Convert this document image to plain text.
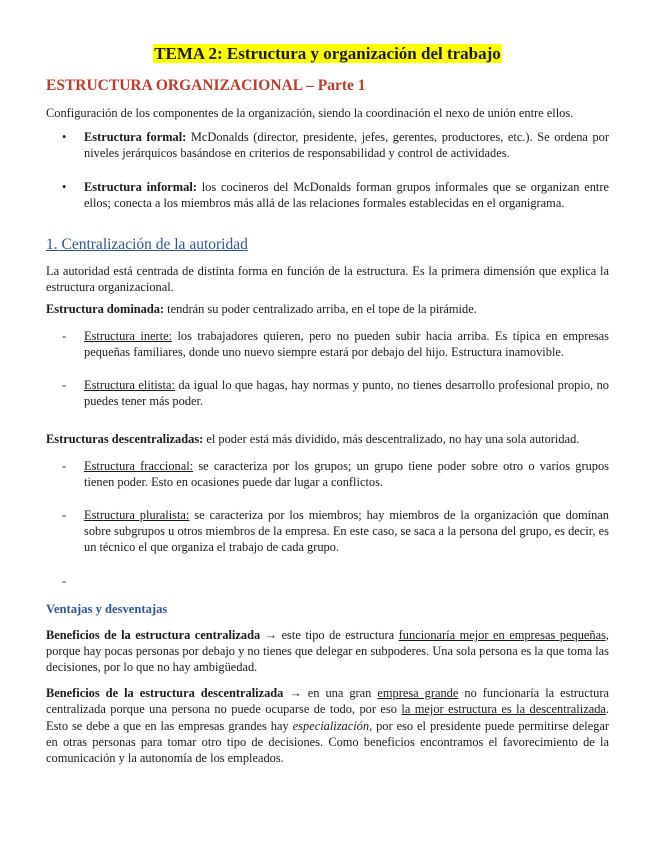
TEMA 2: Estructura y organización del trabajo
ESTRUCTURA ORGANIZACIONAL – Parte 1

Configuración de los componentes de la organización, siendo la coordinación el nexo de unión entre ellos.

• Estructura formal: McDonalds (director, presidente, jefes, gerentes, productores, etc.). Se ordena por niveles jerárquicos basándose en criterios de responsabilidad y control de actividades.
• Estructura informal: los cocineros del McDonalds forman grupos informales que se organizan entre ellos; conecta a los miembros más allá de las relaciones formales establecidas en el organigrama.
1. Centralización de la autoridad

La autoridad está centrada de distinta forma en función de la estructura. Es la primera dimensión que explica la estructura organizacional.

Estructura dominada: tendrán su poder centralizado arriba, en el tope de la pirámide.

- Estructura inerte: los trabajadores quieren, pero no pueden subir hacia arriba. Es típica en empresas pequeñas familiares, donde uno nuevo siempre estará por debajo del hijo. Estructura inamovible.
- Estructura elitista: da igual lo que hagas, hay normas y punto, no tienes desarrollo profesional propio, no puedes tener más poder.

Estructuras descentralizadas: el poder está más dividido, más descentralizado, no hay una sola autoridad.

- Estructura fraccional: se caracteriza por los grupos; un grupo tiene poder sobre otro o varios grupos tienen poder. Esto en ocasiones puede dar lugar a conflictos.
- Estructura pluralista: se caracteriza por los miembros; hay miembros de la organización que dominan sobre subgrupos u otros miembros de la empresa. En este caso, se saca a la persona del grupo, es decir, es un técnico el que organiza el trabajo de cada grupo.
-
Ventajas y desventajas

Beneficios de la estructura centralizada → este tipo de estructura funcionaría mejor en empresas pequeñas, porque hay pocas personas por debajo y no tienes que delegar en subpoderes. Una sola persona es la que toma las decisiones, por lo que no hay ambigüedad.

Beneficios de la estructura descentralizada → en una gran empresa grande no funcionaría la estructura centralizada porque una persona no puede ocuparse de todo, por eso la mejor estructura es la descentralizada. Esto se debe a que en las empresas grandes hay especialización, por eso el presidente puede permitirse delegar en otras personas para tomar otro tipo de decisiones. Como beneficios encontramos el favorecimiento de la comunicación y la autonomía de los empleados.
